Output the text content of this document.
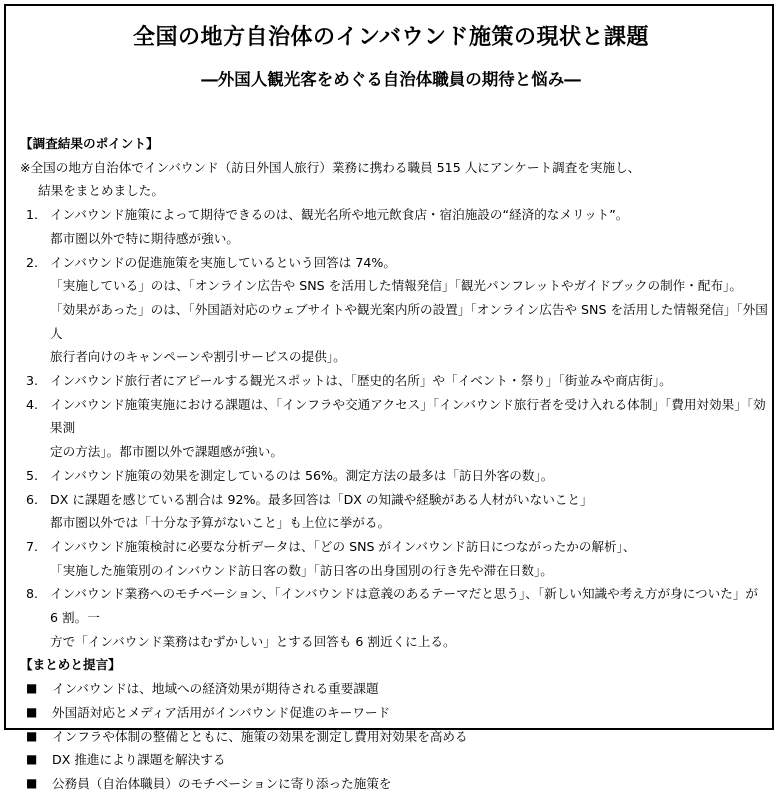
全国の地方自治体のインバウンド施策の現状と課題
―外国人観光客をめぐる自治体職員の期待と悩み―
【調査結果のポイント】
※全国の地方自治体でインバウンド（訪日外国人旅行）業務に携わる職員 515 人にアンケート調査を実施し、
結果をまとめました。
1. インバウンド施策によって期待できるのは、観光名所や地元飲食店・宿泊施設の“経済的なメリット”。
都市圏以外で特に期待感が強い。
2. インバウンドの促進施策を実施しているという回答は 74%。
「実施している」のは、「オンライン広告や SNS を活用した情報発信」「観光パンフレットやガイドブックの制作・配布」。
「効果があった」のは、「外国語対応のウェブサイトや観光案内所の設置」「オンライン広告や SNS を活用した情報発信」「外国人
旅行者向けのキャンペーンや割引サービスの提供」。
3. インバウンド旅行者にアピールする観光スポットは、「歴史的名所」や「イベント・祭り」「街並みや商店街」。
4. インバウンド施策実施における課題は、「インフラや交通アクセス」「インバウンド旅行者を受け入れる体制」「費用対効果」「効果測
定の方法」。都市圏以外で課題感が強い。
5. インバウンド施策の効果を測定しているのは 56%。測定方法の最多は「訪日外客の数」。
6. DX に課題を感じている割合は 92%。最多回答は「DX の知識や経験がある人材がいないこと」
都市圏以外では「十分な予算がないこと」も上位に挙がる。
7. インバウンド施策検討に必要な分析データは、「どの SNS がインバウンド訪日につながったかの解析」、
「実施した施策別のインバウンド訪日客の数」「訪日客の出身国別の行き先や滞在日数」。
8. インバウンド業務へのモチベーション、「インバウンドは意義のあるテーマだと思う」、「新しい知識や考え方が身についた」が 6 割。一
方で「インバウンド業務はむずかしい」とする回答も 6 割近くに上る。
【まとめと提言】
■	インバウンドは、地域への経済効果が期待される重要課題
■	外国語対応とメディア活用がインバウンド促進のキーワード
■	インフラや体制の整備とともに、施策の効果を測定し費用対効果を高める
■	DX 推進により課題を解決する
■	公務員（自治体職員）のモチベーションに寄り添った施策を
